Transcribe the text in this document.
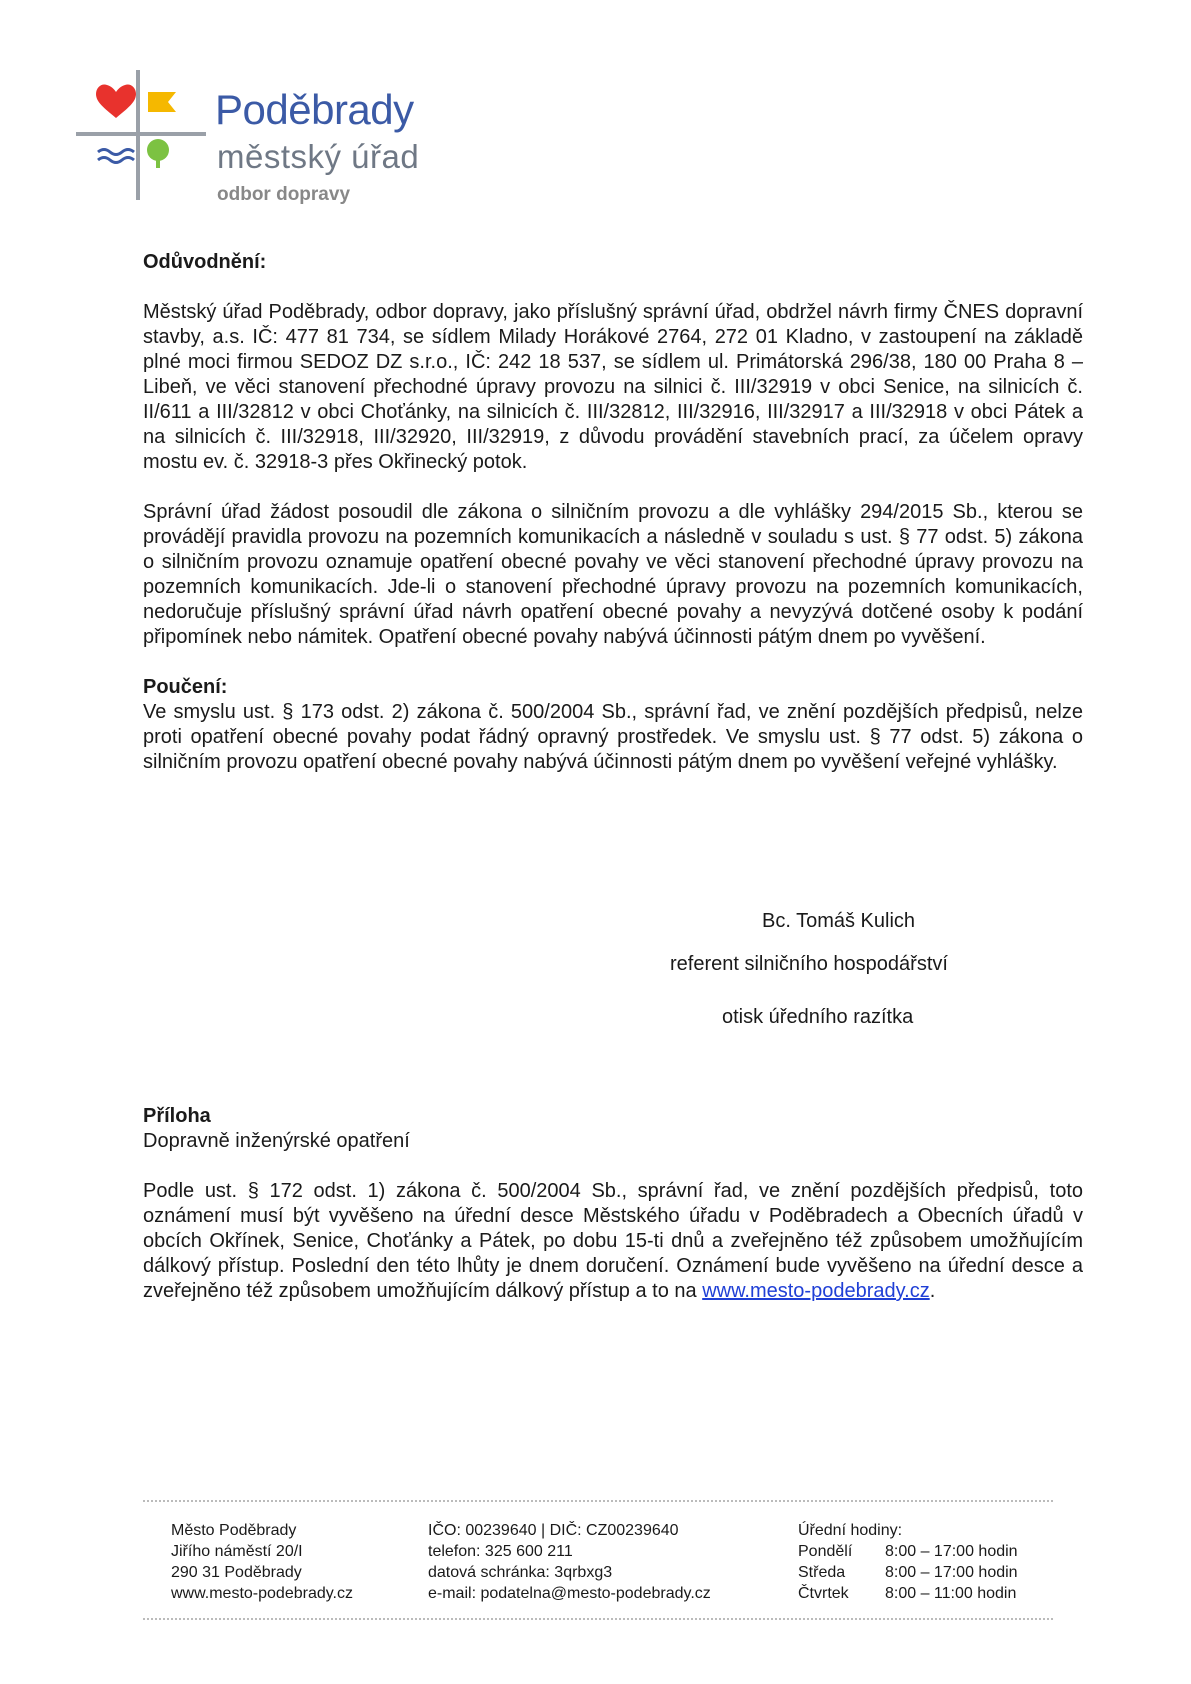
Poděbrady
městský úřad
odbor dopravy

Odůvodnění:

Městský úřad Poděbrady, odbor dopravy, jako příslušný správní úřad, obdržel návrh firmy ČNES dopravní stavby, a.s. IČ: 477 81 734, se sídlem Milady Horákové 2764, 272 01 Kladno, v zastoupení na základě plné moci firmou SEDOZ DZ s.r.o., IČ: 242 18 537, se sídlem ul. Primátorská 296/38, 180 00 Praha 8 – Libeň, ve věci stanovení přechodné úpravy provozu na silnici č. III/32919 v obci Senice, na silnicích č. II/611 a III/32812 v obci Choťánky, na silnicích č. III/32812, III/32916, III/32917 a III/32918 v obci Pátek a na silnicích č. III/32918, III/32920, III/32919, z důvodu provádění stavebních prací, za účelem opravy mostu ev. č. 32918-3 přes Okřinecký potok.

Správní úřad žádost posoudil dle zákona o silničním provozu a dle vyhlášky 294/2015 Sb., kterou se provádějí pravidla provozu na pozemních komunikacích a následně v souladu s ust. § 77 odst. 5) zákona o silničním provozu oznamuje opatření obecné povahy ve věci stanovení přechodné úpravy provozu na pozemních komunikacích. Jde-li o stanovení přechodné úpravy provozu na pozemních komunikacích, nedoručuje příslušný správní úřad návrh opatření obecné povahy a nevyzývá dotčené osoby k podání připomínek nebo námitek. Opatření obecné povahy nabývá účinnosti pátým dnem po vyvěšení.

Poučení:

Ve smyslu ust. § 173 odst. 2) zákona č. 500/2004 Sb., správní řad, ve znění pozdějších předpisů, nelze proti opatření obecné povahy podat řádný opravný prostředek. Ve smyslu ust. § 77 odst. 5) zákona o silničním provozu opatření obecné povahy nabývá účinnosti pátým dnem po vyvěšení veřejné vyhlášky.

Bc. Tomáš Kulich
referent silničního hospodářství
otisk úředního razítka

Příloha

Dopravně inženýrské opatření

Podle ust. § 172 odst. 1) zákona č. 500/2004 Sb., správní řad, ve znění pozdějších předpisů, toto oznámení musí být vyvěšeno na úřední desce Městského úřadu v Poděbradech a Obecních úřadů v obcích Okřínek, Senice, Choťánky a Pátek, po dobu 15-ti dnů a zveřejněno též způsobem umožňujícím dálkový přístup. Poslední den této lhůty je dnem doručení. Oznámení bude vyvěšeno na úřední desce a zveřejněno též způsobem umožňujícím dálkový přístup a to na www.mesto-podebrady.cz.

Město Poděbrady
Jiřího náměstí 20/I
290 31 Poděbrady
www.mesto-podebrady.cz
IČO: 00239640 | DIČ: CZ00239640
telefon: 325 600 211
datová schránka: 3qrbxg3
e-mail: podatelna@mesto-podebrady.cz
Úřední hodiny:
Pondělí	8:00 – 17:00 hodin
Středa	8:00 – 17:00 hodin
Čtvrtek	8:00 – 11:00 hodin
